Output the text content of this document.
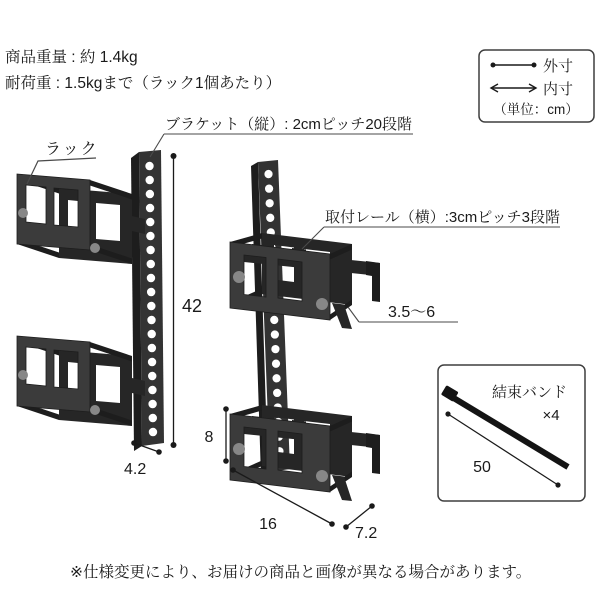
商品重量 : 約 1.4kg
耐荷重 : 1.5kgまで（ラック1個あたり）
外寸
内寸
（単位：cm）
ラック
ブラケット（縦）: 2cmピッチ20段階
42
4.2
取付レール（横）:3cmピッチ3段階
3.5～6
8
16
7.2
結束バンド
×4
50
※仕様変更により、お届けの商品と画像が異なる場合があります。
